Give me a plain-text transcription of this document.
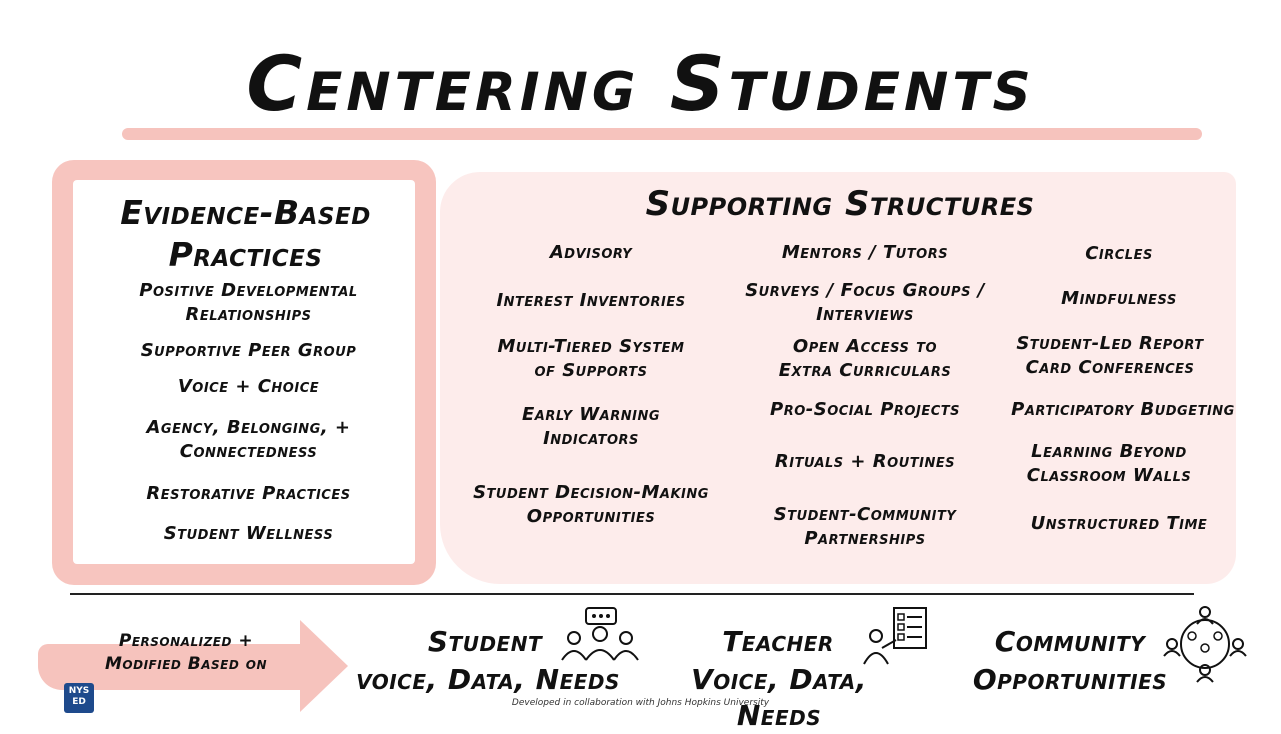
Centering Students
Evidence-Based
Practices
Positive Developmental
Relationships
Supportive Peer Group
Voice + Choice
Agency, Belonging, +
Connectedness
Restorative Practices
Student Wellness
Supporting Structures
Advisory
Interest Inventories
Multi-Tiered System
of Supports
Early Warning
Indicators
Student Decision-Making
Opportunities
Mentors / Tutors
Surveys / Focus Groups /
Interviews
Open Access to
Extra Curriculars
Pro-Social Projects
Rituals + Routines
Student-Community
Partnerships
Circles
Mindfulness
Student-Led Report
Card Conferences
Participatory Budgeting
Learning Beyond
Classroom Walls
Unstructured Time
Personalized +
Modified Based on
Student
voice, Data, Needs
Teacher
Voice, Data, Needs
Community
Opportunities
NYS
ED	Developed in collaboration with Johns Hopkins University
